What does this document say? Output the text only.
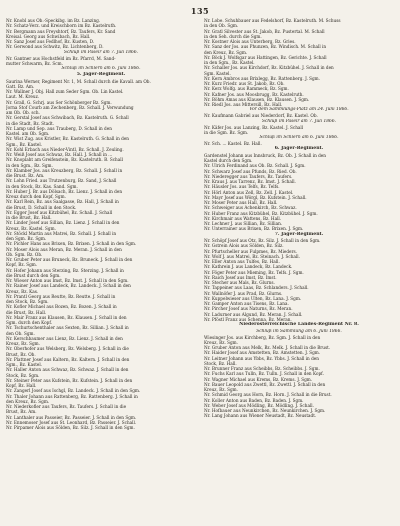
135
Nr. Knobl aus Ob.-Speckibg. im Bz. Lanzing.
Nr. Schatz-Verz. und Kreischborn im Bz. Kastelruth.
Nr. Bergmann aus Freyshtorf, Bz. Taufers, Kr. Sand
Kreisal. Georg aus Schwibach, Bz. Hall.
Nr. Sanz Josef aus Fedlhof, Bz. Kusten, D.
Nr. Gerwond aus Schwitz, Bz. Lichtenberg, D.
Schluß im Paseir am 7. Juli 1866.
Nr. Gantner aus Hochstfeld im Bz. Pfarrd, M. Sand-
mutter Schwarm, Bz. Scm.
Schluß im Schlern am 6. Juni 1866.
5. Jäger-Regiment.
Saurina Werner, Regiment Nr. 1, M. Schall durch die Kavall. am Ob.
Gatt. Bz. Am.
Nr. Wallner J. Obj. Hall zum Seder Sgm. Ob. Lin Kastel.
Laut. M. Kreuz.
Nr. Grall, G. Schrj. aus Ser Schönberger Bz. Sgm.
Jorna Stof Courb am Zechenberg, Bz. Schall. J. Verwundung
am Ob. Ob. sch.
Nr. Gerstal Josef aus Schwibach, Bz. Kastelruth. G. Schall
in die Stadt, Bz. Stadt.
Nr. Lamp und Sep. aus Trauberg, D. Schall in den
Kastel. am Ob. Sgm.
Nr. Wist Zug. aus Kristler, Bz. Kastelruth. G. Schall in den
Sgm., Bz. Kastel.
Nr. Kohl Erbach aus Nieder-Vintl, Bz. Schall. J. Zeuling.
Nr. Weiß Josef aus Schwaz, Bz. Hall. J. Schall in ...
Nr. Knoplaht am Greifenstein, Bz. Kastelruth. B. Schall
in den Sgm., Bz. Sgm.
Nr. Klamber Jos. aus Kreuzberg, Bz. Schall. J. Schall in
die Brust. Bz. Am.
Nr. Lohn Fried. aus Trutzenburg, Bz. Sand, J. Schall
in den Stock, Bz. Kas. Sand. Sgm.
Nr. Huber J. Br. aus Dölsach, Bz. Lienz. J. Schall in den
Kreuz durch den Kopf, Sgm.
Nr. Karl Rein, Bz. aus Saalgasse, Bz. Hall, J. Schall in
die Brust, D. Schall in den Stock.
Nr. Egger Josef aus Kitzbühel, Bz. Schall. J. Schall
in die Brust, Bz. Hall.
Nr. Linder Josef aus Sillian, Bz. Lienz. J. Schall in den
Kreuz, Bz. Kastel. Sgm.
Nr. Stöckl Martin aus Matrei, Bz. Schall. J. Schall in
den Sgm. Bz. Sgm.
Nr. Pichler Hans aus Brixen, Bz. Brixen. J. Schall in den Sgm.
Nr. Moser Alois aus Meran, Bz. Meran. J. Schall in den
Ob. Sgm. Bz. Ob.
Nr. Gruber Peter aus Bruneck, Bz. Bruneck. J. Schall in den
Kopf, Bz. Sgm.
Nr. Hofer Johann aus Sterzing, Bz. Sterzing. J. Schall in
die Brust durch den Sgm.
Nr. Wieser Anton aus Imst, Bz. Imst. J. Schall in den Sgm.
Nr. Rainer Josef aus Landeck, Bz. Landeck. J. Schall in den
Kreuz, Bz. Kas.
Nr. Prantl Georg aus Reutte, Bz. Reutte. J. Schall in
den Stock, Bz. Sgm.
Nr. Kofler Michael aus Bozen, Bz. Bozen. J. Schall in
die Brust, Bz. Hall.
Nr. Mair Franz aus Klausen, Bz. Klausen. J. Schall in den
Sgm. durch den Kopf.
Nr. Tschurtschenthaler aus Sexten, Bz. Sillian. J. Schall in
den Ob. Sgm.
Nr. Kerschbaumer aus Lienz, Bz. Lienz. J. Schall in den
Kreuz, Bz. Sgm.
Nr. Oberhofer aus Welsberg, Bz. Welsberg. J. Schall in die
Brust, Bz. Ob.
Nr. Plattner Josef aus Kaltern, Bz. Kaltern. J. Schall in den
Sgm., Bz. Kastel.
Nr. Haller Anton aus Schwaz, Bz. Schwaz. J. Schall in den
Stock, Bz. Sgm.
Nr. Steiner Peter aus Kufstein, Bz. Kufstein. J. Schall in den
Kopf, Bz. Hall.
Nr. Zangerl Josef aus Ischgl, Bz. Landeck. J. Schall in den Sgm.
Nr. Thaler Johann aus Rattenberg, Bz. Rattenberg. J. Schall in
den Kreuz, Bz. Sgm.
Nr. Niederkofler aus Taufers, Bz. Taufers. J. Schall in die
Brust, Bz. Am.
Nr. Lanthaler aus Passeier, Bz. Passeier. J. Schall in den Sgm.
Nr. Ennemoser Josef aus St. Leonhard, Bz. Passeier. J. Schall.
Nr. Pirpamer Alois aus Sölden, Bz. Silz. J. Schall in den Sgm.
Nr. Lobe. Schuhbauer aus Fedelshorf, Bz. Kastelruth. M. Schuss
in den Ob. Sgm.
Nr. Gratl Silvester aus St. Jakob, Bz. Pustertal. M. Schall
in den Seh. durch die Sgm.
Nr. Kostner Alois aus Unterberg, Bz. Gries.
Nr. Sanz der Jos. aus Phunzen, Bz. Windisch. M. Schall in
den Kreuz, Bz. Sgm.
Nr. Böck J. Wolfsgar aus Hattingen, Bz. Gerichte. J. Schall
in den Sgm., Bz. Kastel.
Nr. Schaller Jos. aus Kirchdorf, Bz. Kitzbühel. J. Schall in den
Sgm. Kastel.
Nr. Kern Ambros aus Brixlegg, Bz. Rattenberg. J. Sgm.
Nr. Kurz Friedr. aus St. Jakob, Bz. Ob.
Nr. Kerz Wolfg. aus Rammeck, Bz. Sgm.
Nr. Kafner Jos. aus Moosbrugg, Bz. Kastelruth.
Nr. Böhm Amas aus Klausen, Bz. Klausen. J. Sgm.
Nr. Riedl Jos. aus Mittersill, Bz. Hall.
Vor dem Sammlungs-Platz am 24. Juni 1866.
Nr. Kaufmann Gabriel aus Niederdorf, Bz. Kastel. Ob.
Schluß im Paseir am 7. Juli 1866.
Nr. Käfer Jos. aus Lanzing, Bz. Kastel. J. Schall
in die Sgm. Bz. Sgm.
Schluß im Schlern am 6. Juni 1866.
Nr. Sch. ... Kastel. Bz. Hall.
6. Jäger-Regiment.
Gardenstel Johann aus Innsbruck, Bz. Ob. J. Schall in den
Kastel durch den Sgm.
Nr. Ulrich Ferdinand aus Ob. Bz. Schall. J. Sgm.
Nr. Schwarz Josef aus Pfunds, Bz. Ried. Ob.
Nr. Niederegger aus Taufers, Bz. Taufers.
Nr. Kraus J. aus Tarrenz, Bz. Imst. J. Schall.
Nr. Häusler Jos. aus Telfs, Bz. Telfs.
Nr. Hörl Anton aus Zell, Bz. Zell. J. Kastel.
Nr. Mayr Josef aus Wörgl, Bz. Kufstein. J. Schall.
Nr. Moser Peter aus Hall, Bz. Hall.
Nr. Schweiger aus Achenkirch, Bz. Schwaz.
Nr. Huber Franz aus Kitzbühel, Bz. Kitzbühel. J. Sgm.
Nr. Kirchmair aus Wattens, Bz. Hall.
Nr. Lechner J. aus Sillian, Bz. Sillian.
Nr. Unterrainer aus Brixen, Bz. Brixen. J. Sgm.
7. Jäger-Regiment.
Nr. Schöpf Josef aus Ötz, Bz. Silz. J. Schall in den Sgm.
Nr. Gstrein Alois aus Sölden, Bz. Silz.
Nr. Pfurtscheller aus Fulpmes, Bz. Mieders.
Nr. Wolf J. aus Matrei, Bz. Steinach. J. Schall.
Nr. Eller Anton aus Tulfes, Bz. Hall.
Nr. Kathrein J. aus Landeck, Bz. Landeck.
Nr. Föger Peter aus Mieming, Bz. Telfs. J. Sgm.
Nr. Raich Josef aus Imst, Bz. Imst.
Nr. Stecher aus Mals, Bz. Glurns.
Nr. Tappeiner aus Laas, Bz. Schlanders. J. Schall.
Nr. Wallnöfer J. aus Prad, Bz. Glurns.
Nr. Kuppelwieser aus Ulten, Bz. Lana. J. Sgm.
Nr. Gamper Anton aus Tisens, Bz. Lana.
Nr. Pircher Josef aus Naturns, Bz. Meran.
Nr. Ladurner aus Algund, Bz. Meran. J. Schall.
Nr. Pföstl Franz aus Schenna, Bz. Meran.
Niederösterreichische Landes-Regiment Nr. 8.
Schluß im Sammlung am 6. Juni 1866.
Wiesinger Jos. aus Kirchberg, Bz. Sgm. J. Schall in den
Kreuz, Bz. Sgm.
Nr. Gruber Anton aus Melk, Bz. Melk. J. Schall in die Brust.
Nr. Haider Josef aus Amstetten, Bz. Amstetten. J. Sgm.
Nr. Leitner Johann aus Ybbs, Bz. Ybbs. J. Schall in den
Stock, Bz. Hall.
Nr. Brunner Franz aus Scheibbs, Bz. Scheibbs. J. Sgm.
Nr. Fuchs Karl aus Tulln, Bz. Tulln. J. Schall in den Kopf.
Nr. Wagner Michael aus Krems, Bz. Krems. J. Sgm.
Nr. Bauer Leopold aus Zwettl, Bz. Zwettl. J. Schall in den
Kreuz, Bz. Sgm.
Nr. Schmid Georg aus Horn, Bz. Horn. J. Schall in die Brust.
Nr. Koller Anton aus Baden, Bz. Baden. J. Sgm.
Nr. Weber Josef aus Mödling, Bz. Mödling. J. Schall.
Nr. Hofbauer aus Neunkirchen, Bz. Neunkirchen. J. Sgm.
Nr. Lang Johann aus Wiener Neustadt, Bz. Neustadt.
